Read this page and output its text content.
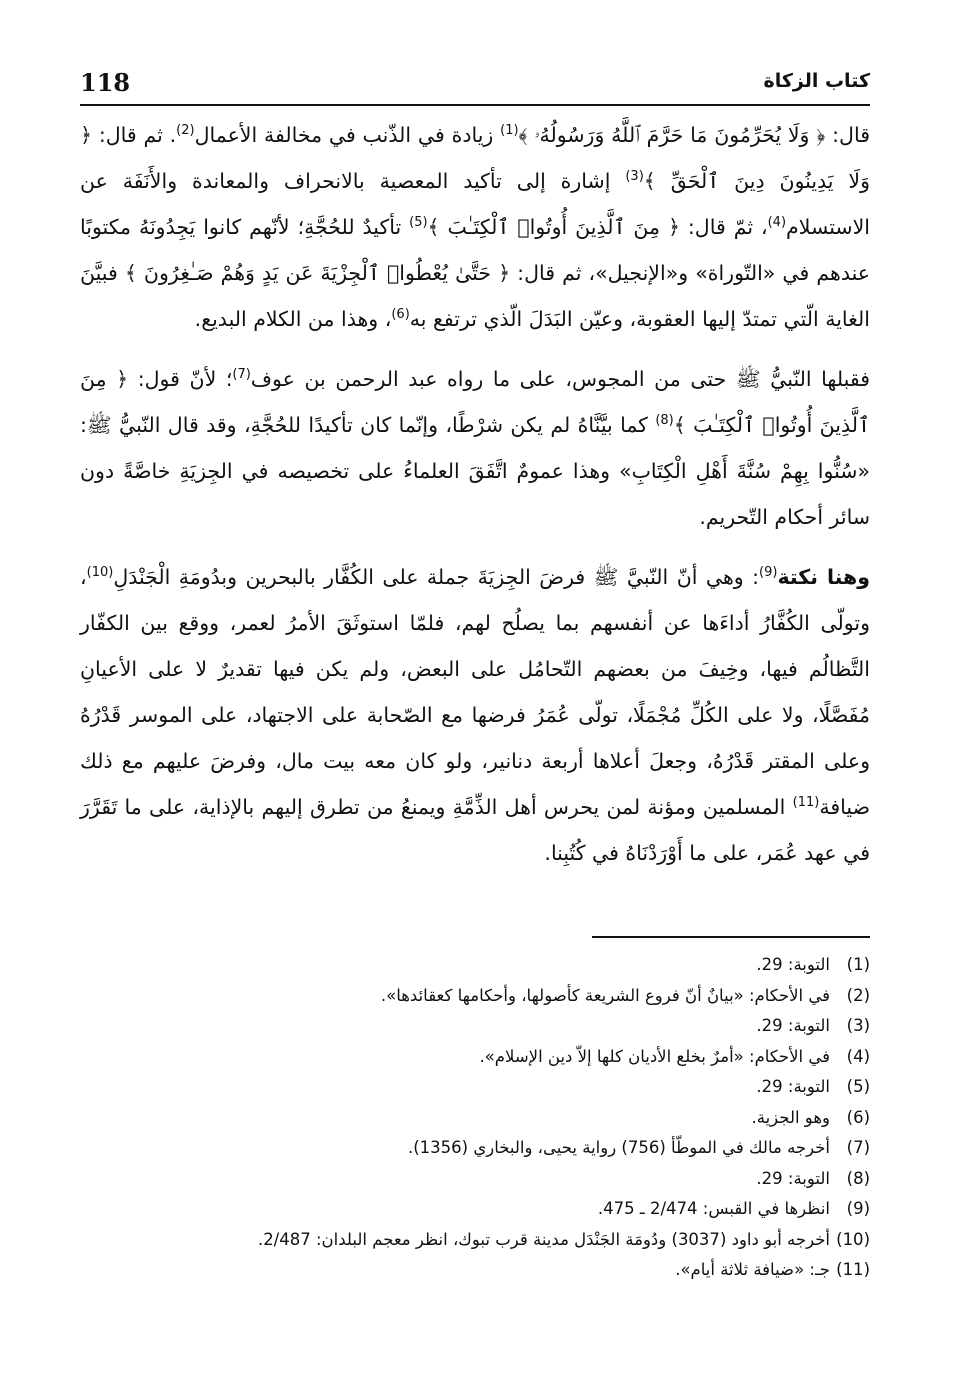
118	كتاب الزكاة

قال: ﴿ وَلَا يُحَرِّمُونَ مَا حَرَّمَ ٱللَّهُ وَرَسُولُهُۥ ﴾$^{(1)}$ زيادة في الذّنب في مخالفة الأعمال$^{(2)}$. ثم قال: ﴿ وَلَا يَدِينُونَ دِينَ ٱلْحَقِّ ﴾$^{(3)}$ إشارة إلى تأكيد المعصية بالانحراف والمعاندة والأَنَفَة عن الاستسلام$^{(4)}$، ثمّ قال: ﴿ مِنَ ٱلَّذِينَ أُوتُوا۟ ٱلْكِتَـٰبَ ﴾$^{(5)}$ تأكيدٌ للحُجَّةِ؛ لأنّهم كانوا يَجِدُونَهُ مكتوبًا عندهم في «التّوراة» و«الإنجيل»، ثم قال: ﴿ حَتَّىٰ يُعْطُوا۟ ٱلْجِزْيَةَ عَن يَدٍ وَهُمْ صَـٰغِرُونَ ﴾ فبيَّنَ الغاية الّتي تمتدّ إليها العقوبة، وعيّن البَدَلَ الّذي ترتفع به$^{(6)}$، وهذا من الكلام البديع.

فقبلها النّبيُّ ﷺ حتى من المجوس، على ما رواه عبد الرحمن بن عوف$^{(7)}$؛ لأنّ قول: ﴿ مِنَ ٱلَّذِينَ أُوتُوا۟ ٱلْكِتَـٰبَ ﴾$^{(8)}$ كما بيَّنَّاهُ لم يكن شرْطًا، وإنّما كان تأكيدًا للحُجَّةِ، وقد قال النّبيُّ ﷺ: «سُنُّوا بِهِمْ سُنَّةَ أَهْلِ الْكِتَابِ» وهذا عمومٌ اتَّفَقَ العلماءُ على تخصيصه في الجِزيَةِ خاصَّةً دون سائر أحكام التّحريم.

وهنا نكتة$^{(9)}$: وهي أنّ النّبيَّ ﷺ فرضَ الجِزيَةَ جملة على الكُفَّار بالبحرين وبدُومَةِ الْجَنْدَلِ$^{(10)}$، وتولّى الكُفَّارُ أداءَها عن أنفسهم بما يصلُح لهم، فلمّا استوثَقَ الأمرُ لعمر، ووقع بين الكفّار التَّظالُم فيها، وخِيفَ من بعضهم التّحامُل على البعض، ولم يكن فيها تقديرٌ لا على الأعيانِ مُفَصَّلًا، ولا على الكُلِّ مُجْمَلًا، تولّى عُمَرُ فرضها مع الصّحابة على الاجتهاد، على الموسر قَدْرُهُ وعلى المقتر قَدْرُهُ، وجعلَ أعلاها أربعة دنانير، ولو كان معه بيت مال، وفرضَ عليهم مع ذلك ضيافة$^{(11)}$ المسلمين ومؤنة لمن يحرس أهل الذِّمَّةِ ويمنعُ من تطرق إليهم بالإذاية، على ما تَقَرَّرَ في عهد عُمَر، على ما أَوْرَدْنَاهُ في كُتُبِنا.

(1)التوبة: 29.
(2)في الأحكام: «بيانٌ أنّ فروع الشريعة كأصولها، وأحكامها كعقائدها».
(3)التوبة: 29.
(4)في الأحكام: «أمرٌ بخلع الأديان كلها إلاّ دين الإسلام».
(5)التوبة: 29.
(6)وهو الجزية.
(7)أخرجه مالك في الموطّأ (756) رواية يحيى، والبخاري (1356).
(8)التوبة: 29.
(9)انظرها في القبس: 2/474 ـ 475.
(10)أخرجه أبو داود (3037) ودُومَة الجَنْدَل مدينة قرب تبوك، انظر معجم البلدان: 2/487.
(11)جـ: «ضيافة ثلاثة أيام».
